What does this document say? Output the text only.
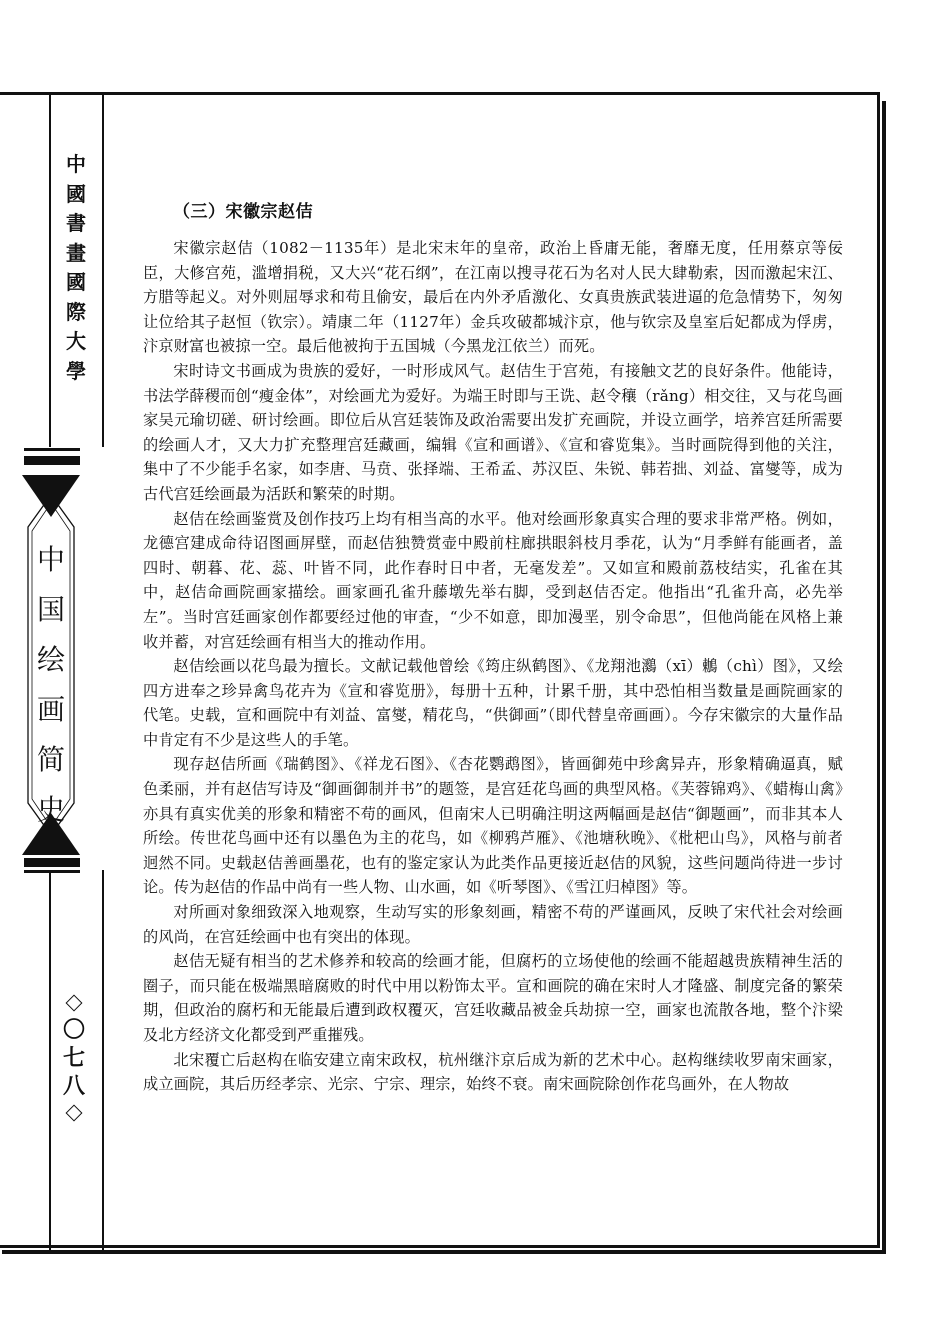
中
國
書
畫
國
際
大
學
中
国
绘
画
简
史
〇
七
八
（三）宋徽宗赵佶

宋徽宗赵佶（1082－1135年）是北宋末年的皇帝，政治上昏庸无能，奢靡无度，任用蔡京等佞臣，大修宫苑，滥增捐税，又大兴“花石纲”，在江南以搜寻花石为名对人民大肆勒索，因而激起宋江、方腊等起义。对外则屈辱求和苟且偷安，最后在内外矛盾激化、女真贵族武装进逼的危急情势下，匆匆让位给其子赵恒（钦宗）。靖康二年（1127年）金兵攻破都城汴京，他与钦宗及皇室后妃都成为俘虏，汴京财富也被掠一空。最后他被拘于五国城（今黑龙江依兰）而死。

宋时诗文书画成为贵族的爱好，一时形成风气。赵佶生于宫苑，有接触文艺的良好条件。他能诗，书法学薛稷而创“瘦金体”，对绘画尤为爱好。为端王时即与王诜、赵令穰（rǎng）相交往，又与花鸟画家吴元瑜切磋、研讨绘画。即位后从宫廷装饰及政治需要出发扩充画院，并设立画学，培养宫廷所需要的绘画人才，又大力扩充整理宫廷藏画，编辑《宣和画谱》、《宣和睿览集》。当时画院得到他的关注，集中了不少能手名家，如李唐、马贲、张择端、王希孟、苏汉臣、朱锐、韩若拙、刘益、富燮等，成为古代宫廷绘画最为活跃和繁荣的时期。

赵佶在绘画鉴赏及创作技巧上均有相当高的水平。他对绘画形象真实合理的要求非常严格。例如，龙德宫建成命待诏图画屏壁，而赵佶独赞赏壶中殿前柱廊拱眼斜枝月季花，认为“月季鲜有能画者，盖四时、朝暮、花、蕊、叶皆不同，此作春时日中者，无毫发差”。又如宣和殿前荔枝结实，孔雀在其中，赵佶命画院画家描绘。画家画孔雀升藤墩先举右脚，受到赵佶否定。他指出“孔雀升高，必先举左”。当时宫廷画家创作都要经过他的审查，“少不如意，即加漫垩，别令命思”，但他尚能在风格上兼收并蓄，对宫廷绘画有相当大的推动作用。

赵佶绘画以花鸟最为擅长。文献记载他曾绘《筠庄纵鹤图》、《龙翔池鸂（xī）鶒（chì）图》，又绘四方进奉之珍异禽鸟花卉为《宣和睿览册》，每册十五种，计累千册，其中恐怕相当数量是画院画家的代笔。史载，宣和画院中有刘益、富燮，精花鸟，“供御画”（即代替皇帝画画）。今存宋徽宗的大量作品中肯定有不少是这些人的手笔。

现存赵佶所画《瑞鹤图》、《祥龙石图》、《杏花鹦鹉图》，皆画御苑中珍禽异卉，形象精确逼真，赋色柔丽，并有赵佶写诗及“御画御制并书”的题签，是宫廷花鸟画的典型风格。《芙蓉锦鸡》、《蜡梅山禽》亦具有真实优美的形象和精密不苟的画风，但南宋人已明确注明这两幅画是赵佶“御题画”，而非其本人所绘。传世花鸟画中还有以墨色为主的花鸟，如《柳鸦芦雁》、《池塘秋晚》、《枇杷山鸟》，风格与前者迥然不同。史载赵佶善画墨花，也有的鉴定家认为此类作品更接近赵佶的风貌，这些问题尚待进一步讨论。传为赵佶的作品中尚有一些人物、山水画，如《听琴图》、《雪江归棹图》等。

对所画对象细致深入地观察，生动写实的形象刻画，精密不苟的严谨画风，反映了宋代社会对绘画的风尚，在宫廷绘画中也有突出的体现。

赵佶无疑有相当的艺术修养和较高的绘画才能，但腐朽的立场使他的绘画不能超越贵族精神生活的圈子，而只能在极端黑暗腐败的时代中用以粉饰太平。宣和画院的确在宋时人才隆盛、制度完备的繁荣期，但政治的腐朽和无能最后遭到政权覆灭，宫廷收藏品被金兵劫掠一空，画家也流散各地，整个汴梁及北方经济文化都受到严重摧残。

北宋覆亡后赵构在临安建立南宋政权，杭州继汴京后成为新的艺术中心。赵构继续收罗南宋画家，成立画院，其后历经孝宗、光宗、宁宗、理宗，始终不衰。南宋画院除创作花鸟画外，在人物故
